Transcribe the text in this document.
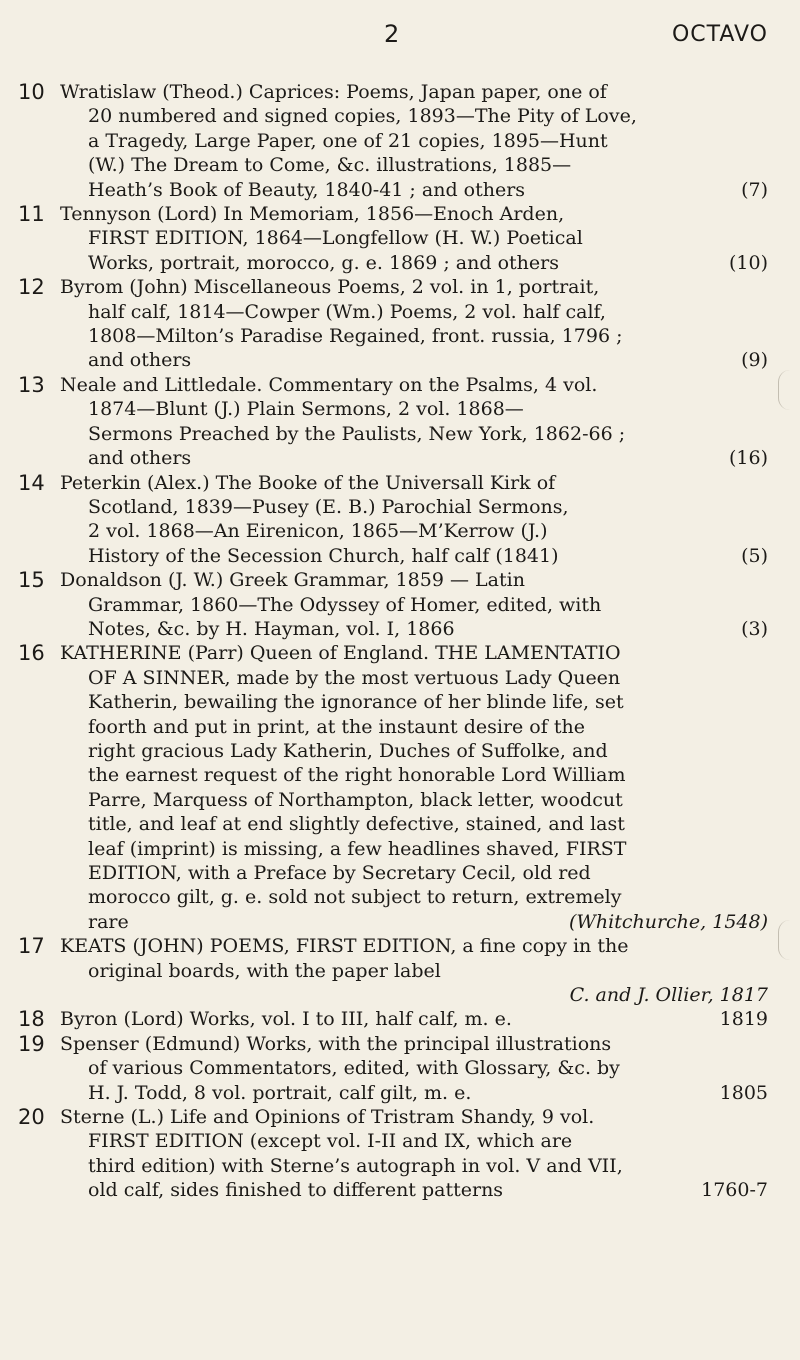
2	OCTAVO
10 Wratislaw (Theod.) Caprices: Poems, Japan paper, one of
20 numbered and signed copies, 1893—The Pity of Love,
a Tragedy, Large Paper, one of 21 copies, 1895—Hunt
(W.) The Dream to Come, &c. illustrations, 1885—
Heath’s Book of Beauty, 1840-41 ; and others	(7)
11 Tennyson (Lord) In Memoriam, 1856—Enoch Arden,
FIRST EDITION, 1864—Longfellow (H. W.) Poetical
Works, portrait, morocco, g. e. 1869 ; and others	(10)
12 Byrom (John) Miscellaneous Poems, 2 vol. in 1, portrait,
half calf, 1814—Cowper (Wm.) Poems, 2 vol. half calf,
1808—Milton’s Paradise Regained, front. russia, 1796 ;
and others	(9)
13 Neale and Littledale. Commentary on the Psalms, 4 vol.
1874—Blunt (J.) Plain Sermons, 2 vol. 1868—
Sermons Preached by the Paulists, New York, 1862-66 ;
and others	(16)
14 Peterkin (Alex.) The Booke of the Universall Kirk of
Scotland, 1839—Pusey (E. B.) Parochial Sermons,
2 vol. 1868—An Eirenicon, 1865—M’Kerrow (J.)
History of the Secession Church, half calf (1841)	(5)
15 Donaldson (J. W.) Greek Grammar, 1859 — Latin
Grammar, 1860—The Odyssey of Homer, edited, with
Notes, &c. by H. Hayman, vol. I, 1866	(3)
16 KATHERINE (Parr) Queen of England. THE LAMENTATIO
OF A SINNER, made by the most vertuous Lady Queen
Katherin, bewailing the ignorance of her blinde life, set
foorth and put in print, at the instaunt desire of the
right gracious Lady Katherin, Duches of Suffolke, and
the earnest request of the right honorable Lord William
Parre, Marquess of Northampton, black letter, woodcut
title, and leaf at end slightly defective, stained, and last
leaf (imprint) is missing, a few headlines shaved, FIRST
EDITION, with a Preface by Secretary Cecil, old red
morocco gilt, g. e. sold not subject to return, extremely
rare	(Whitchurche, 1548)
17 KEATS (JOHN) POEMS, FIRST EDITION, a fine copy in the
original boards, with the paper label
C. and J. Ollier, 1817
18 Byron (Lord) Works, vol. I to III, half calf, m. e.	1819
19 Spenser (Edmund) Works, with the principal illustrations
of various Commentators, edited, with Glossary, &c. by
H. J. Todd, 8 vol. portrait, calf gilt, m. e.	1805
20 Sterne (L.) Life and Opinions of Tristram Shandy, 9 vol.
FIRST EDITION (except vol. I-II and IX, which are
third edition) with Sterne’s autograph in vol. V and VII,
old calf, sides finished to different patterns	1760-7
